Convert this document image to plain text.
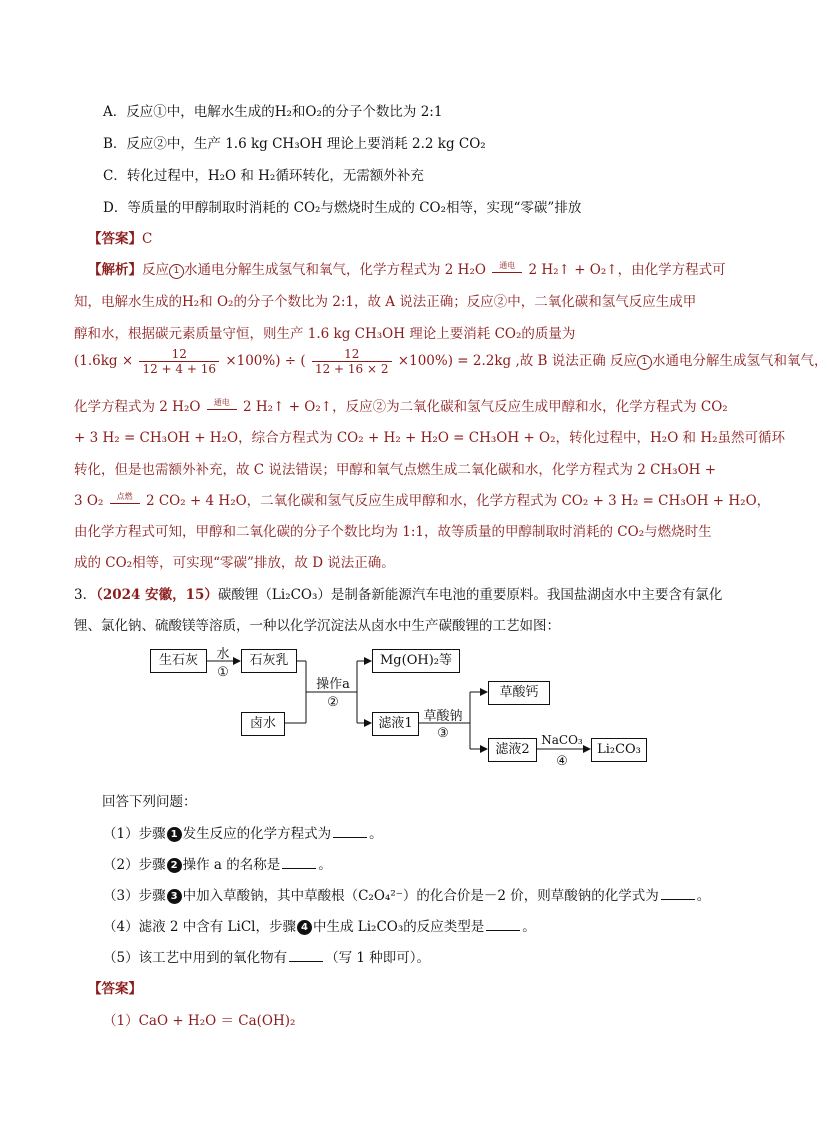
A．反应①中，电解水生成的H₂和O₂的分子个数比为 2:1
B．反应②中，生产 1.6 kg CH₃OH 理论上要消耗 2.2 kg CO₂
C．转化过程中，H₂O 和 H₂循环转化，无需额外补充
D．等质量的甲醇制取时消耗的 CO₂与燃烧时生成的 CO₂相等，实现“零碳”排放
【答案】C
【解析】反应 1 水通电分解生成氢气和氧气，化学方程式为 2 H₂O	通电 2 H₂↑ + O₂↑，由化学方程式可
知，电解水生成的H₂和 O₂的分子个数比为 2:1，故 A 说法正确；反应②中，二氧化碳和氢气反应生成甲
醇和水，根据碳元素质量守恒，则生产 1.6 kg CH₃OH 理论上要消耗 CO₂的质量为
$(1.6kg \times \frac{12}{12 + 4 + 16} \times 100\%)$ ÷ ( $\frac{12}{12 + 16 \times 2} \times 100\%) = 2.2kg$ ,故 B 说法正确 反应 1 水通电分解生成氢气和氧气，
化学方程式为 2 H₂O	通电 2 H₂↑ + O₂↑，反应②为二氧化碳和氢气反应生成甲醇和水，化学方程式为 CO₂
+ 3 H₂ = CH₃OH + H₂O，综合方程式为 CO₂ + H₂ + H₂O = CH₃OH + O₂，转化过程中，H₂O 和 H₂虽然可循环
转化，但是也需额外补充，故 C 说法错误；甲醇和氧气点燃生成二氧化碳和水，化学方程式为 2 CH₃OH +
3 O₂	点燃 2 CO₂ + 4 H₂O，二氧化碳和氢气反应生成甲醇和水，化学方程式为 CO₂ + 3 H₂ = CH₃OH + H₂O，
由化学方程式可知，甲醇和二氧化碳的分子个数比均为 1:1，故等质量的甲醇制取时消耗的 CO₂与燃烧时生
成的 CO₂相等，可实现“零碳”排放，故 D 说法正确。
3．（2024 安徽，15）碳酸锂（Li₂CO₃）是制备新能源汽车电池的重要原料。我国盐湖卤水中主要含有氯化
锂、氯化钠、硫酸镁等溶质，一种以化学沉淀法从卤水中生产碳酸锂的工艺如图：
生石灰	石灰乳
卤水
Mg(OH)₂等
滤液1
草酸钙
滤液2	Li₂CO₃
水
①
操作a
②
草酸钠
③	NaCO₃
④
回答下列问题：
（1）步骤 1 发生反应的化学方程式为	。
（2）步骤 2 操作 a 的名称是	。
（3）步骤 3 中加入草酸钠，其中草酸根（C₂O₄²⁻）的化合价是－2 价，则草酸钠的化学式为	。
（4）滤液 2 中含有 LiCl，步骤 4 中生成 Li₂CO₃的反应类型是	。
（5）该工艺中用到的氧化物有	（写 1 种即可）。
【答案】
（1）CaO + H₂O ＝ Ca(OH)₂
